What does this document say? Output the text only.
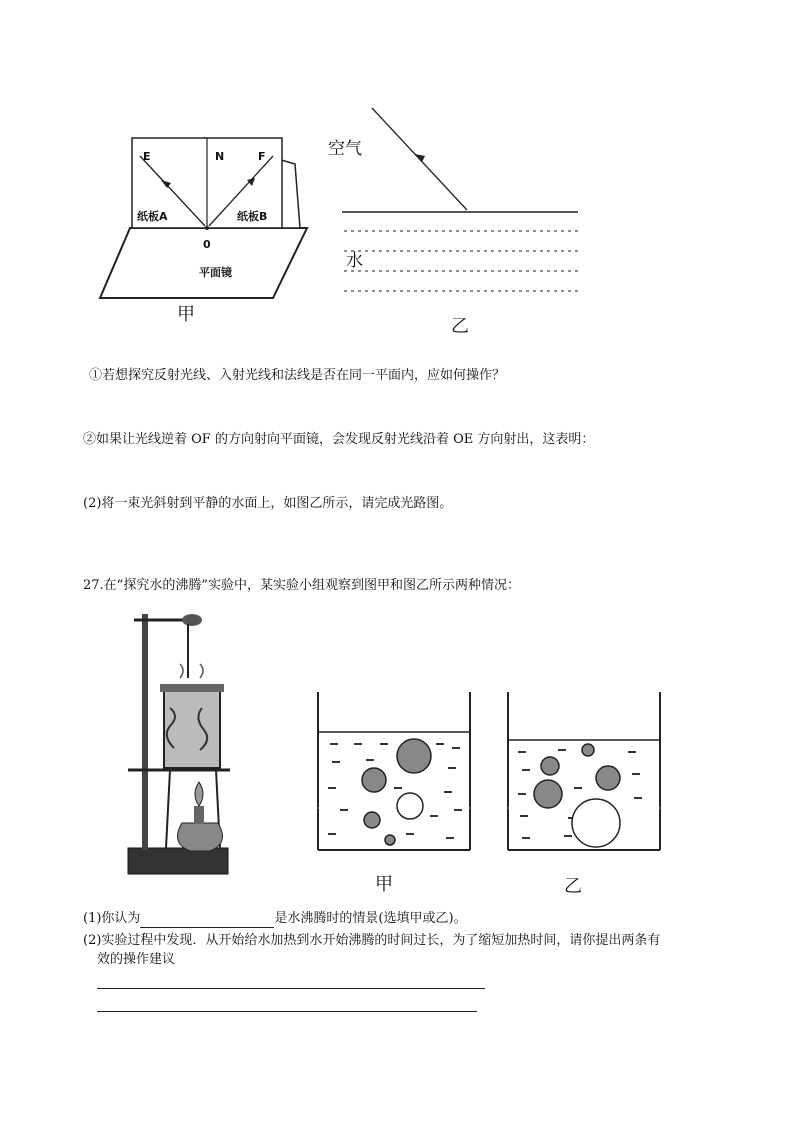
E	N	F
纸板A	纸板B
0
平面镜
甲
空气
水
乙
①若想探究反射光线、入射光线和法线是否在同一平面内，应如何操作？
②如果让光线逆着 OF 的方向射向平面镜，会发现反射光线沿着 OE 方向射出，这表明：
(2)将一束光斜射到平静的水面上，如图乙所示，请完成光路图。
27.在“探究水的沸腾”实验中，某实验小组观察到图甲和图乙所示两种情况：
甲	乙
(1)你认为	是水沸腾时的情景(选填甲或乙)。
(2)实验过程中发现．从开始给水加热到水开始沸腾的时间过长，为了缩短加热时间，请你提出两条有
效的操作建议
